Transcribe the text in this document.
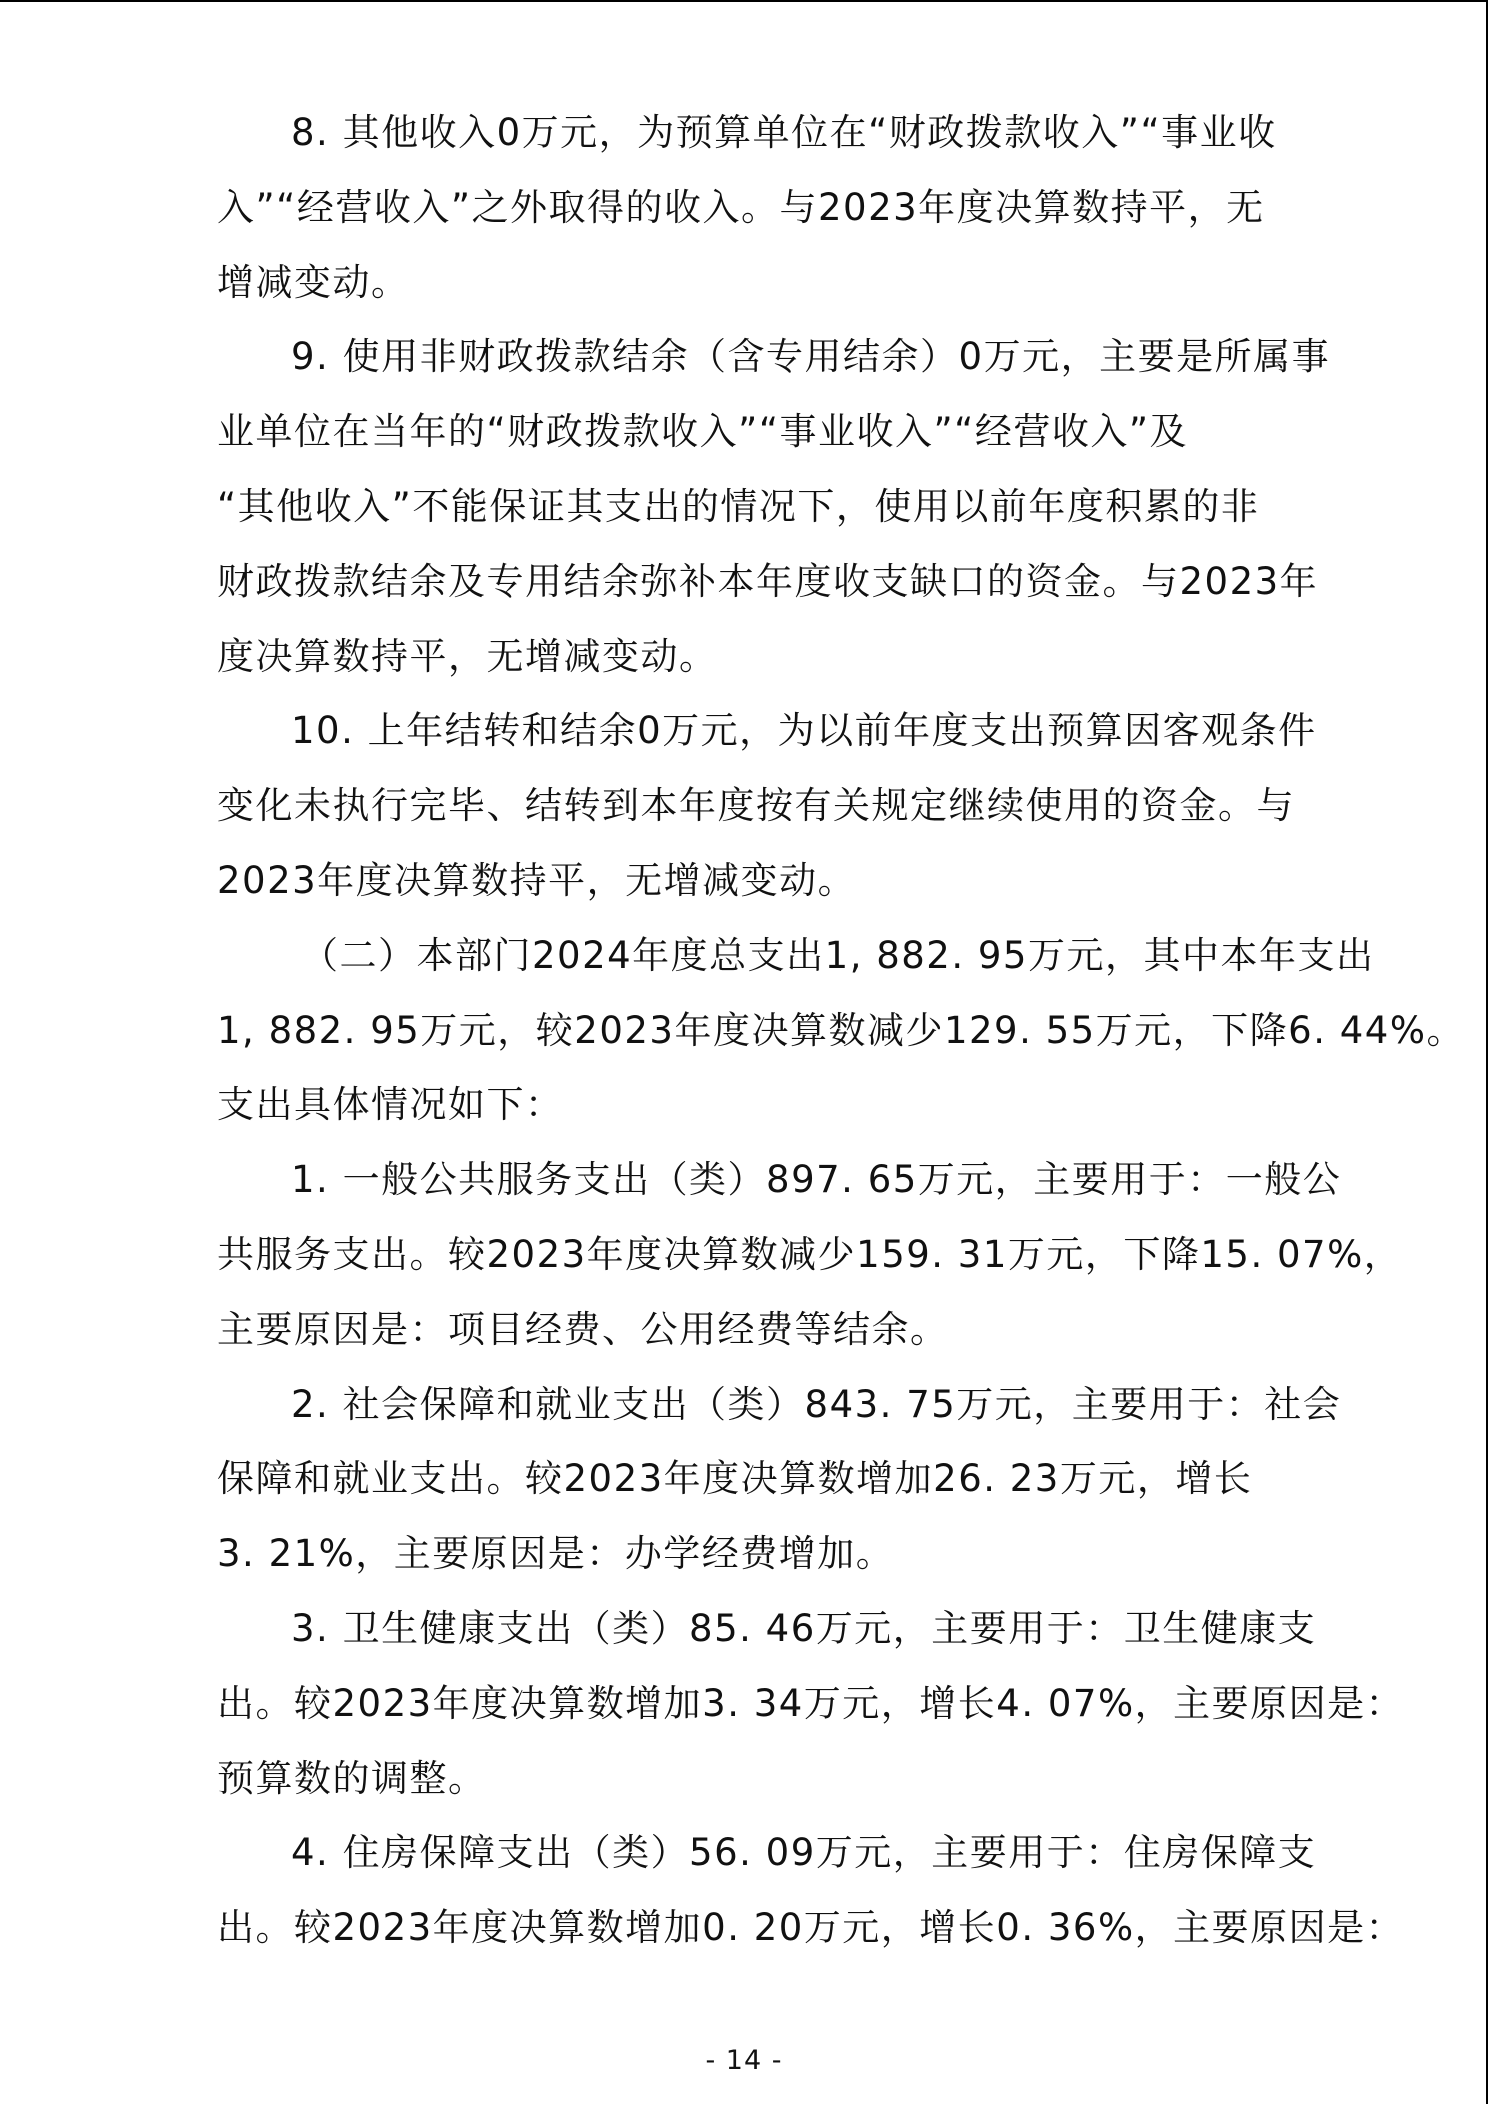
8. 其他收入0万元，为预算单位在“财政拨款收入”“事业收
入”“经营收入”之外取得的收入。与2023年度决算数持平，无
增减变动。
9. 使用非财政拨款结余（含专用结余）0万元，主要是所属事
业单位在当年的“财政拨款收入”“事业收入”“经营收入”及
“其他收入”不能保证其支出的情况下，使用以前年度积累的非
财政拨款结余及专用结余弥补本年度收支缺口的资金。与2023年
度决算数持平，无增减变动。
10. 上年结转和结余0万元，为以前年度支出预算因客观条件
变化未执行完毕、结转到本年度按有关规定继续使用的资金。与
2023年度决算数持平，无增减变动。
（二）本部门2024年度总支出1, 882. 95万元，其中本年支出
1, 882. 95万元，较2023年度决算数减少129. 55万元，下降6. 44%。
支出具体情况如下：
1. 一般公共服务支出（类）897. 65万元，主要用于：一般公
共服务支出。较2023年度决算数减少159. 31万元，下降15. 07%，
主要原因是：项目经费、公用经费等结余。
2. 社会保障和就业支出（类）843. 75万元，主要用于：社会
保障和就业支出。较2023年度决算数增加26. 23万元，增长
3. 21%，主要原因是：办学经费增加。
3. 卫生健康支出（类）85. 46万元，主要用于：卫生健康支
出。较2023年度决算数增加3. 34万元，增长4. 07%，主要原因是：
预算数的调整。
4. 住房保障支出（类）56. 09万元，主要用于：住房保障支
出。较2023年度决算数增加0. 20万元，增长0. 36%，主要原因是：
- 14 -
